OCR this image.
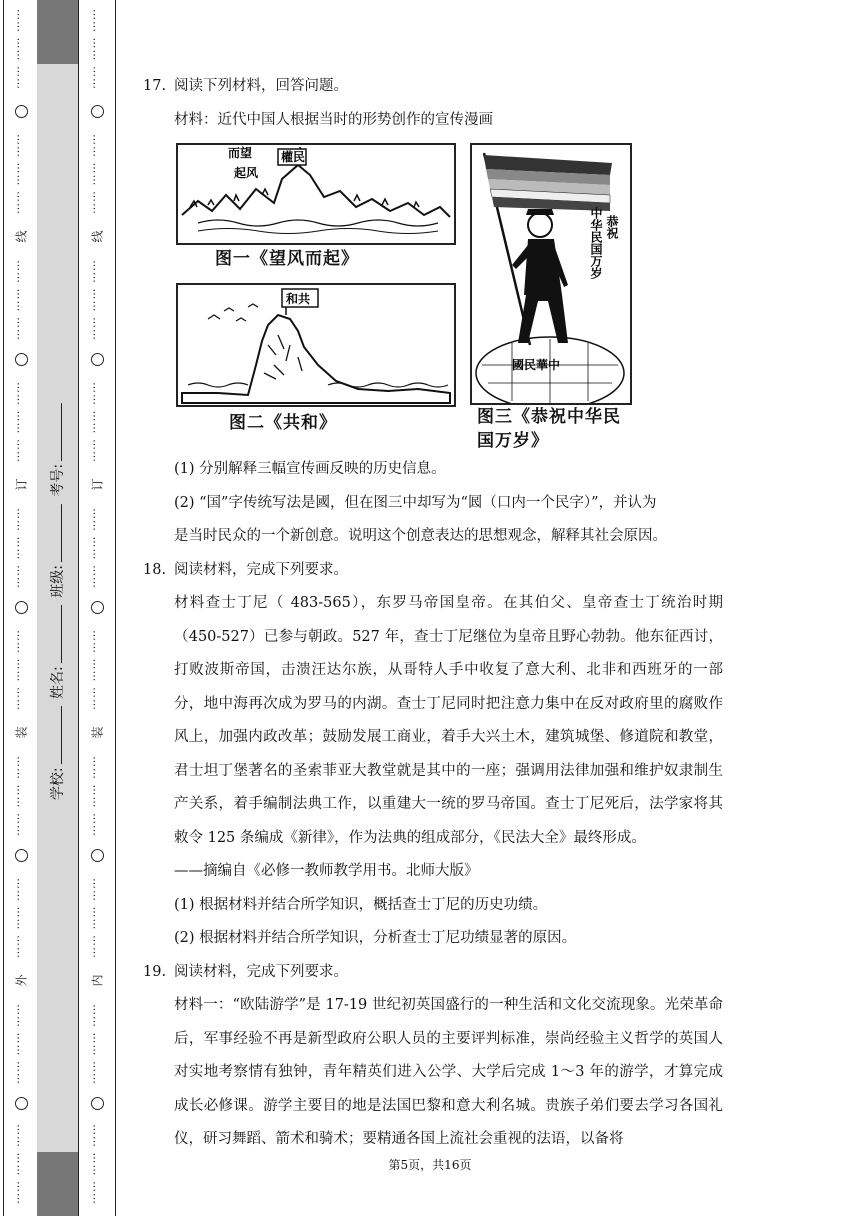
…… …… ……
…… …… ……
线
…… …… ……
…… …… ……
订
…… …… ……
…… …… ……
装
…… …… ……
…… …… ……
外
…… …… ……
…… …… ……
学校: 姓名: 班级: 考号:
…… …… ……
…… …… ……
线
…… …… ……
…… …… ……
订
…… …… ……
…… …… ……
装
…… …… ……
…… …… ……
内
…… …… ……
…… …… ……
17. 阅读下列材料，回答问题。
材料：近代中国人根据当时的形势创作的宣传漫画
權民
而望
起风
图一《望风而起》
和共
图二《共和》
國民華中
恭祝
中华民国万岁
图三《恭祝中华民国万岁》
(1) 分别解释三幅宣传画反映的历史信息。
(2) “国”字传统写法是國，但在图三中却写为“囻（口内一个民字）”，并认为
是当时民众的一个新创意。说明这个创意表达的思想观念，解释其社会原因。
18. 阅读材料，完成下列要求。
材料查士丁尼（ 483-565），东罗马帝国皇帝。在其伯父、皇帝查士丁统治时期（450-527）已参与朝政。527 年，查士丁尼继位为皇帝且野心勃勃。他东征西讨，打败波斯帝国，击溃汪达尔族，从哥特人手中收复了意大利、北非和西班牙的一部分，地中海再次成为罗马的内湖。查士丁尼同时把注意力集中在反对政府里的腐败作风上，加强内政改革；鼓励发展工商业，着手大兴土木，建筑城堡、修道院和教堂，君士坦丁堡著名的圣索菲亚大教堂就是其中的一座；强调用法律加强和维护奴隶制生产关系，着手编制法典工作，以重建大一统的罗马帝国。查士丁尼死后，法学家将其敕令 125 条编成《新律》，作为法典的组成部分，《民法大全》最终形成。
——摘编自《必修一教师教学用书。北师大版》
(1) 根据材料并结合所学知识，概括查士丁尼的历史功绩。
(2) 根据材料并结合所学知识，分析查士丁尼功绩显著的原因。
19. 阅读材料，完成下列要求。
材料一：“欧陆游学”是 17-19 世纪初英国盛行的一种生活和文化交流现象。光荣革命后，军事经验不再是新型政府公职人员的主要评判标准，崇尚经验主义哲学的英国人对实地考察情有独钟，青年精英们进入公学、大学后完成 1～3 年的游学，才算完成成长必修课。游学主要目的地是法国巴黎和意大利名城。贵族子弟们要去学习各国礼仪，研习舞蹈、箭术和骑术；要精通各国上流社会重视的法语，以备将
第5页，共16页
